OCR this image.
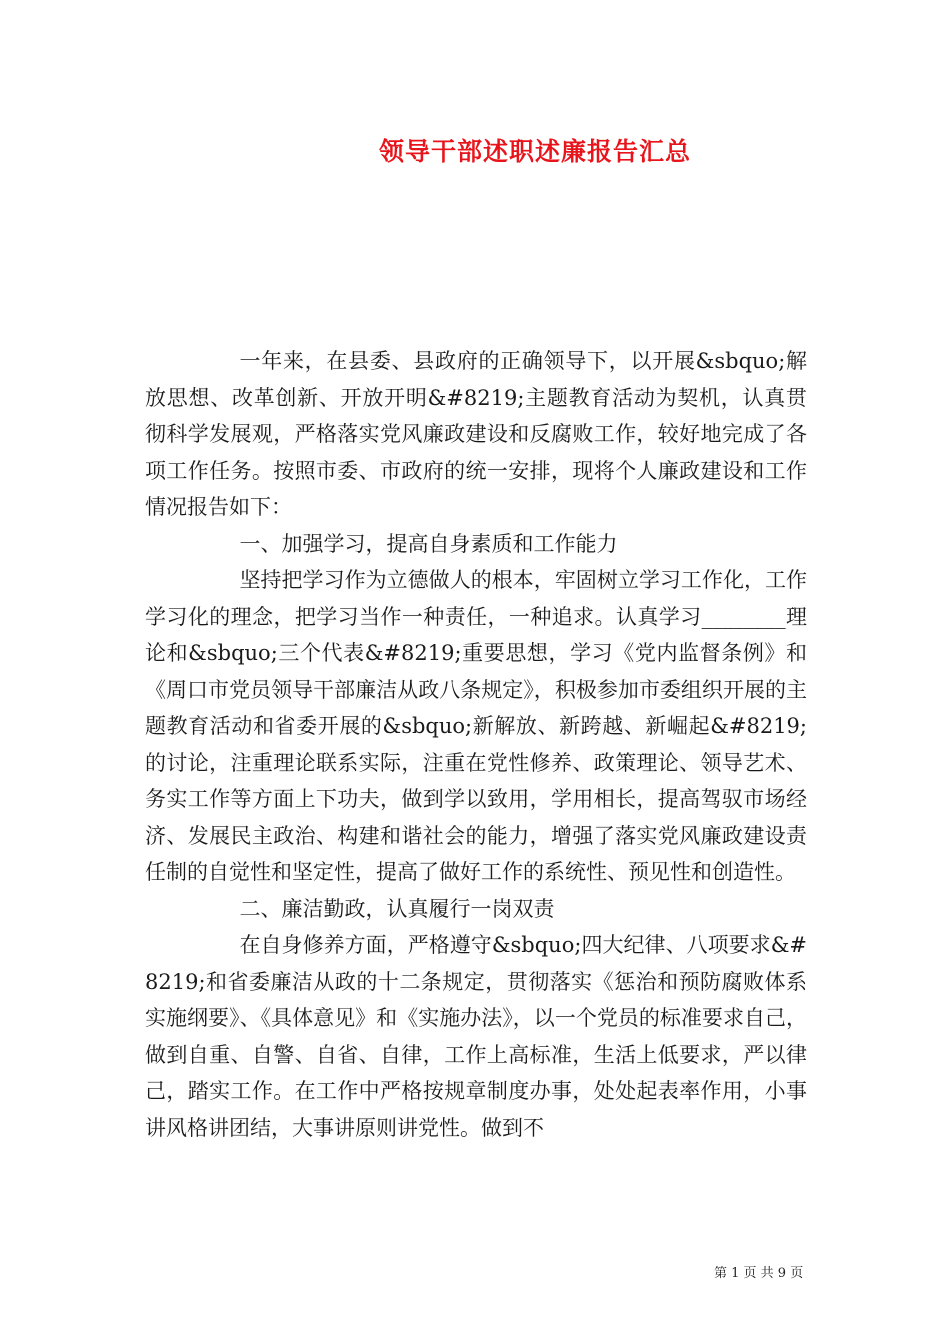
领导干部述职述廉报告汇总

一年来，在县委、县政府的正确领导下，以开展&sbquo;解放思想、改革创新、开放开明&#8219;主题教育活动为契机，认真贯彻科学发展观，严格落实党风廉政建设和反腐败工作，较好地完成了各项工作任务。按照市委、市政府的统一安排，现将个人廉政建设和工作情况报告如下：

一、加强学习，提高自身素质和工作能力

坚持把学习作为立德做人的根本，牢固树立学习工作化，工作学习化的理念，把学习当作一种责任，一种追求。认真学习________理论和&sbquo;三个代表&#8219;重要思想，学习《党内监督条例》和《周口市党员领导干部廉洁从政八条规定》，积极参加市委组织开展的主题教育活动和省委开展的&sbquo;新解放、新跨越、新崛起&#8219;的讨论，注重理论联系实际，注重在党性修养、政策理论、领导艺术、务实工作等方面上下功夫，做到学以致用，学用相长，提高驾驭市场经济、发展民主政治、构建和谐社会的能力，增强了落实党风廉政建设责任制的自觉性和坚定性，提高了做好工作的系统性、预见性和创造性。

二、廉洁勤政，认真履行一岗双责

在自身修养方面，严格遵守&sbquo;四大纪律、八项要求&#8219;和省委廉洁从政的十二条规定，贯彻落实《惩治和预防腐败体系实施纲要》、《具体意见》和《实施办法》，以一个党员的标准要求自己，做到自重、自警、自省、自律，工作上高标准，生活上低要求，严以律己，踏实工作。在工作中严格按规章制度办事，处处起表率作用，小事讲风格讲团结，大事讲原则讲党性。做到不

第 1 页 共 9 页
